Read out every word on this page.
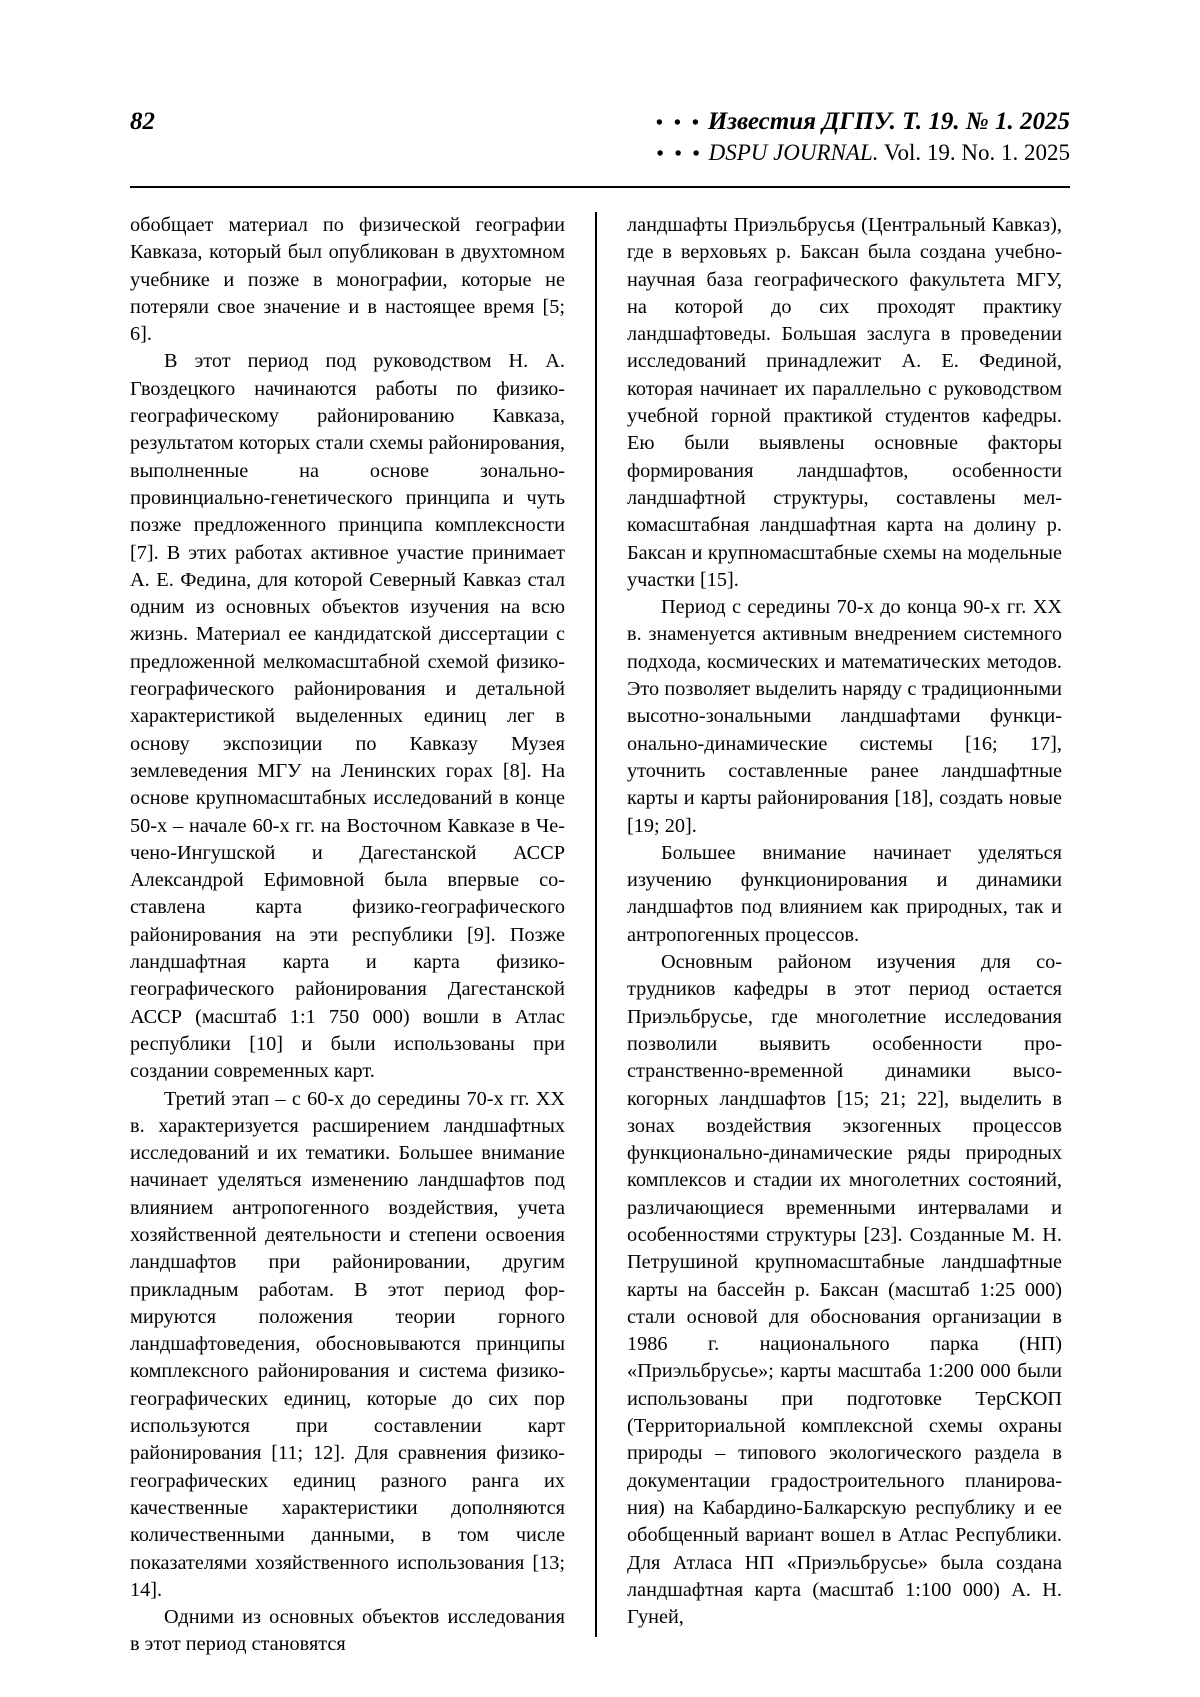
82	• • • Известия ДГПУ. Т. 19. № 1. 2025
• • • DSPU JOURNAL. Vol. 19. No. 1. 2025

обобщает материал по физической географии Кавказа, который был опубликован в двухтомном учебнике и позже в монографии, которые не потеряли свое значение и в настоящее время [5; 6].

В этот период под руководством Н. А. Гвоздецкого начинаются работы по физико-географическому районированию Кавказа, результатом которых стали схемы районирования, выполненные на основе зонально-провинциально-генетического принципа и чуть позже предложенного принципа комплексности [7]. В этих работах активное участие принимает А. Е. Федина, для которой Северный Кавказ стал одним из основных объектов изучения на всю жизнь. Материал ее кандидатской диссертации с предложенной мелкомасштабной схемой физико-географического районирования и детальной характеристикой выделенных единиц лег в основу экспозиции по Кавказу Музея землеведения МГУ на Ленинских горах [8]. На основе крупномасштабных исследований в конце 50-х – начале 60-х гг. на Восточном Кавказе в Чечено-Ингушской и Дагестанской АССР Александрой Ефимовной была впервые составлена карта физико-географического районирования на эти республики [9]. Позже ландшафтная карта и карта физико-географического районирования Дагестанской АССР (масштаб 1:1 750 000) вошли в Атлас республики [10] и были использованы при создании современных карт.

Третий этап – с 60-х до середины 70-х гг. XX в. характеризуется расширением ландшафтных исследований и их тематики. Большее внимание начинает уделяться изменению ландшафтов под влиянием антропогенного воздействия, учета хозяйственной деятельности и степени освоения ландшафтов при районировании, другим прикладным работам. В этот период формируются положения теории горного ландшафтоведения, обосновываются принципы комплексного районирования и система физико-географических единиц, которые до сих пор используются при составлении карт районирования [11; 12]. Для сравнения физико-географических единиц разного ранга их качественные характеристики дополняются количественными данными, в том числе показателями хозяйственного использования [13; 14].

Одними из основных объектов исследования в этот период становятся

ландшафты Приэльбрусья (Центральный Кавказ), где в верховьях р. Баксан была создана учебно-научная база географического факультета МГУ, на которой до сих проходят практику ландшафтоведы. Большая заслуга в проведении исследований принадлежит А. Е. Фединой, которая начинает их параллельно с руководством учебной горной практикой студентов кафедры. Ею были выявлены основные факторы формирования ландшафтов, особенности ландшафтной структуры, составлены мелкомасштабная ландшафтная карта на долину р. Баксан и крупномасштабные схемы на модельные участки [15].

Период с середины 70-х до конца 90-х гг. XX в. знаменуется активным внедрением системного подхода, космических и математических методов. Это позволяет выделить наряду с традиционными высотно-зональными ландшафтами функционально-динамические системы [16; 17], уточнить составленные ранее ландшафтные карты и карты районирования [18], создать новые [19; 20].

Большее внимание начинает уделяться изучению функционирования и динамики ландшафтов под влиянием как природных, так и антропогенных процессов.

Основным районом изучения для сотрудников кафедры в этот период остается Приэльбрусье, где многолетние исследования позволили выявить особенности пространственно-временной динамики высокогорных ландшафтов [15; 21; 22], выделить в зонах воздействия экзогенных процессов функционально-динамические ряды природных комплексов и стадии их многолетних состояний, различающиеся временными интервалами и особенностями структуры [23]. Созданные М. Н. Петрушиной крупномасштабные ландшафтные карты на бассейн р. Баксан (масштаб 1:25 000) стали основой для обоснования организации в 1986 г. национального парка (НП) «Приэльбрусье»; карты масштаба 1:200 000 были использованы при подготовке ТерСКОП (Территориальной комплексной схемы охраны природы – типового экологического раздела в документации градостроительного планирования) на Кабардино-Балкарскую республику и ее обобщенный вариант вошел в Атлас Республики. Для Атласа НП «Приэльбрусье» была создана ландшафтная карта (масштаб 1:100 000) А. Н. Гуней,
